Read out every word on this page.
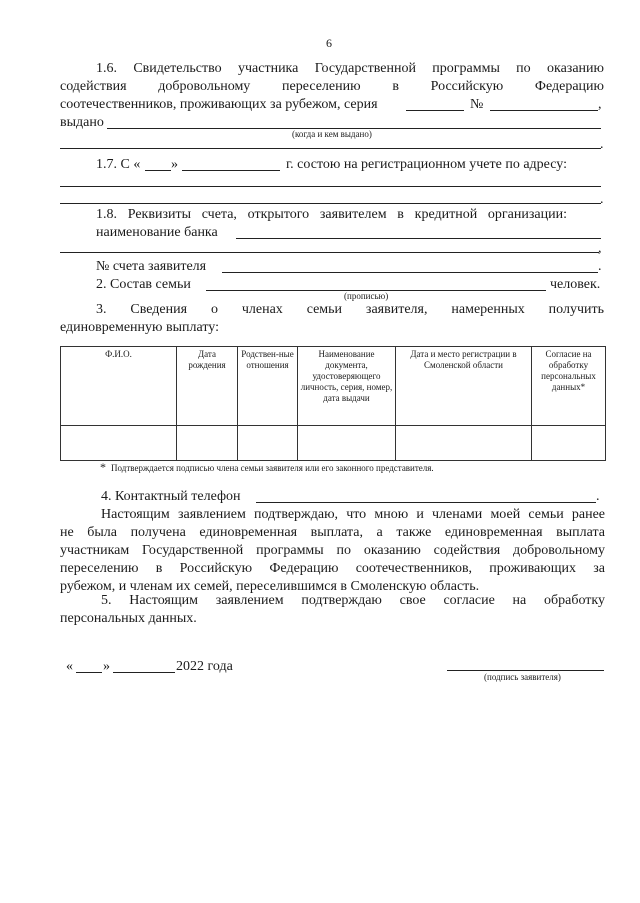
6
1.6. Свидетельство участника Государственной программы по оказанию
содействия добровольному переселению в Российскую Федерацию
соотечественников, проживающих за рубежом, серия	№	,
выдано
(когда и кем выдано)
.
1.7. С « »	г. состою на регистрационном учете по адресу:
.
1.8. Реквизиты счета, открытого заявителем в кредитной организации:
наименование банка
,
№ счета заявителя	.
2. Состав семьи	человек.
(прописью)
3. Сведения о членах семьи заявителя, намеренных получить
единовременную выплату:
Ф.И.О.	Дата рождения	Родствен-ные отношения	Наименование документа, удостоверяющего личность, серия, номер, дата выдачи	Дата и место регистрации в Смоленской области	Согласие на обработку персональных данных*

* Подтверждается подписью члена семьи заявителя или его законного представителя.
4. Контактный телефон	.
Настоящим заявлением подтверждаю, что мною и членами моей семьи ранее
не была получена единовременная выплата, а также единовременная выплата
участникам Государственной программы по оказанию содействия добровольному
переселению в Российскую Федерацию соотечественников, проживающих за
рубежом, и членам их семей, переселившимся в Смоленскую область.
5. Настоящим заявлением подтверждаю свое согласие на обработку
персональных данных.
« »	2022 года
(подпись заявителя)
